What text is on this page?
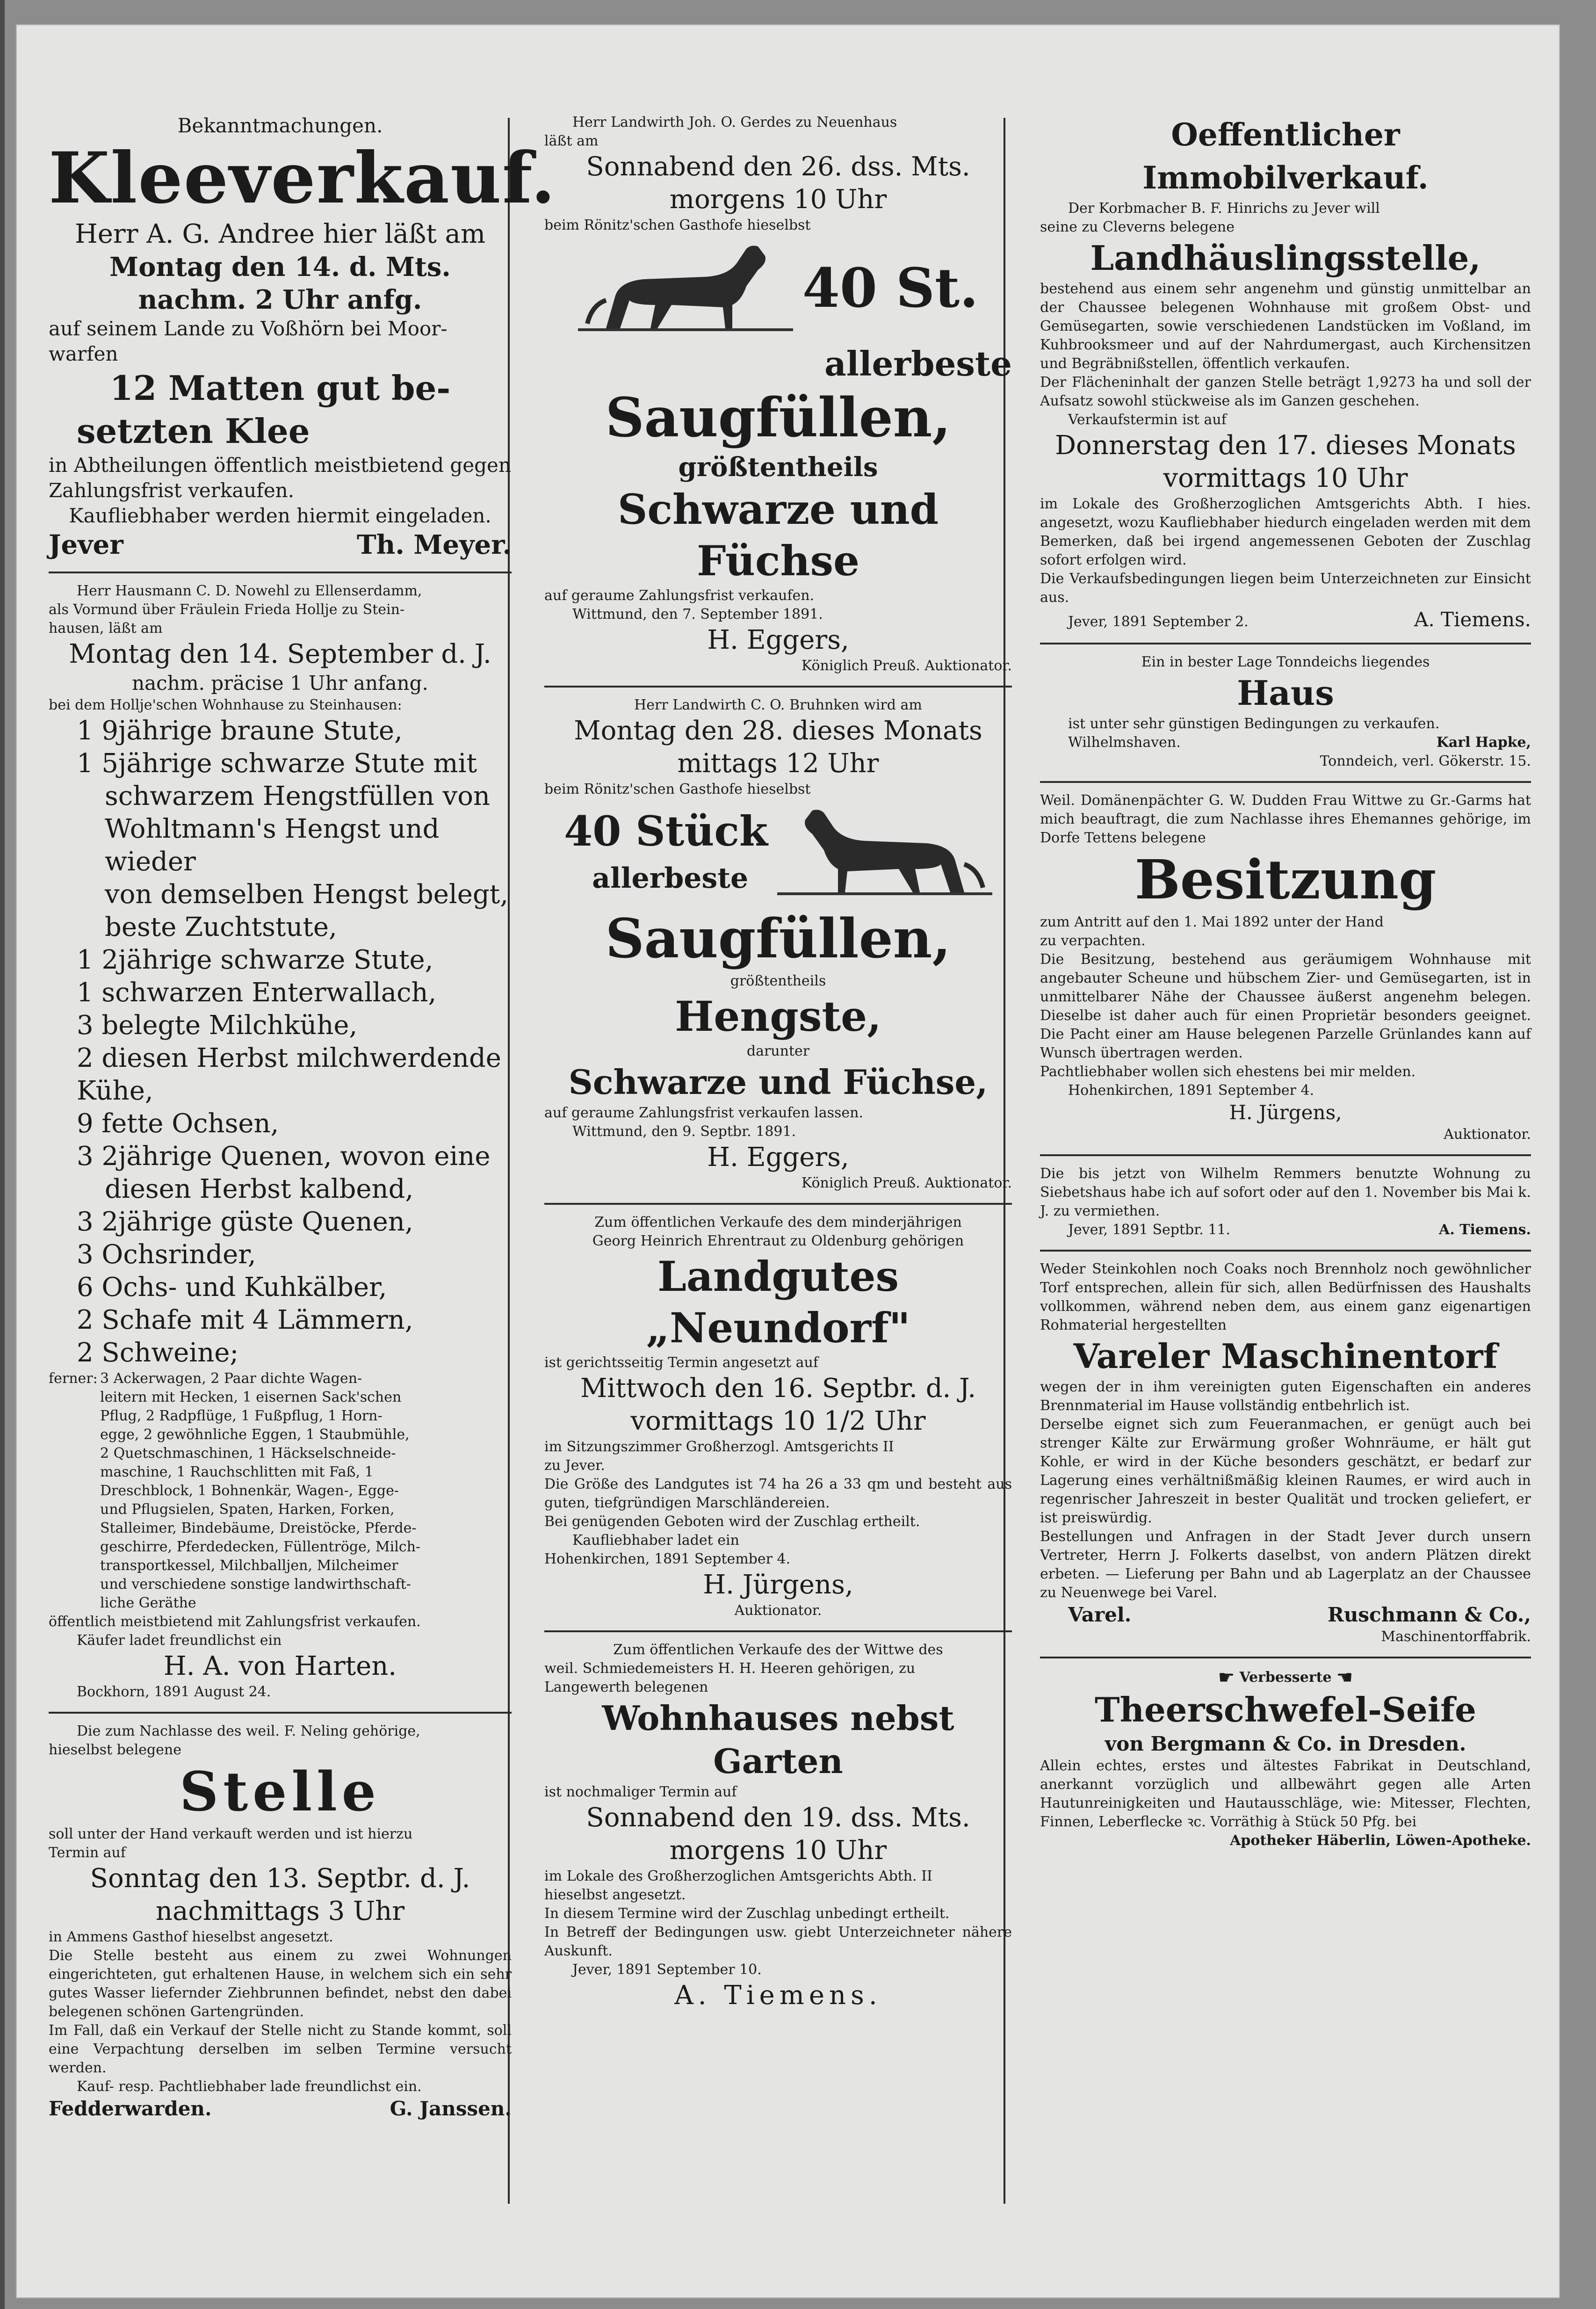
Bekanntmachungen.
Kleeverkauf.
Herr A. G. Andree hier läßt am
Montag den 14. d. Mts.
nachm. 2 Uhr anfg.
auf seinem Lande zu Voßhörn bei Moor-
warfen
12 Matten gut be-
setzten Klee
in Abtheilungen öffentlich meistbietend gegen
Zahlungsfrist verkaufen.
Kaufliebhaber werden hiermit eingeladen.
Jever	Th. Meyer.
Herr Hausmann C. D. Nowehl zu Ellenserdamm,
als Vormund über Fräulein Frieda Hollje zu Stein-
hausen, läßt am
Montag den 14. September d. J.
nachm. präcise 1 Uhr anfang.
bei dem Hollje'schen Wohnhause zu Steinhausen:
1 9jährige braune Stute,
1 5jährige schwarze Stute mit
schwarzem Hengstfüllen von
Wohltmann's Hengst und wieder
von demselben Hengst belegt,
beste Zuchtstute,
1 2jährige schwarze Stute,
1 schwarzen Enterwallach,
3 belegte Milchkühe,
2 diesen Herbst milchwerdende Kühe,
9 fette Ochsen,
3 2jährige Quenen, wovon eine
diesen Herbst kalbend,
3 2jährige güste Quenen,
3 Ochsrinder,
6 Ochs- und Kuhkälber,
2 Schafe mit 4 Lämmern,
2 Schweine;
ferner: 3 Ackerwagen, 2 Paar dichte Wagen-
leitern mit Hecken, 1 eisernen Sack'schen
Pflug, 2 Radpflüge, 1 Fußpflug, 1 Horn-
egge, 2 gewöhnliche Eggen, 1 Staubmühle,
2 Quetschmaschinen, 1 Häckselschneide-
maschine, 1 Rauchschlitten mit Faß, 1
Dreschblock, 1 Bohnenkär, Wagen-, Egge-
und Pflugsielen, Spaten, Harken, Forken,
Stalleimer, Bindebäume, Dreistöcke, Pferde-
geschirre, Pferdedecken, Füllentröge, Milch-
transportkessel, Milchballjen, Milcheimer
und verschiedene sonstige landwirthschaft-
liche Geräthe
öffentlich meistbietend mit Zahlungsfrist verkaufen.
Käufer ladet freundlichst ein
H. A. von Harten.
Bockhorn, 1891 August 24.
Die zum Nachlasse des weil. F. Neling gehörige,
hieselbst belegene
Stelle
soll unter der Hand verkauft werden und ist hierzu
Termin auf
Sonntag den 13. Septbr. d. J.
nachmittags 3 Uhr
in Ammens Gasthof hieselbst angesetzt.
Die Stelle besteht aus einem zu zwei Wohnungen eingerichteten, gut erhaltenen Hause, in welchem sich ein sehr gutes Wasser liefernder Ziehbrunnen befindet, nebst den dabei belegenen schönen Gartengründen.
Im Fall, daß ein Verkauf der Stelle nicht zu Stande kommt, soll eine Verpachtung derselben im selben Termine versucht werden.
Kauf- resp. Pachtliebhaber lade freundlichst ein.
Fedderwarden.	G. Janssen.
Herr Landwirth Joh. O. Gerdes zu Neuenhaus
läßt am
Sonnabend den 26. dss. Mts.
morgens 10 Uhr
beim Rönitz'schen Gasthofe hieselbst
40 St.
allerbeste
Saugfüllen,
größtentheils
Schwarze und Füchse
auf geraume Zahlungsfrist verkaufen.
Wittmund, den 7. September 1891.
H. Eggers,
Königlich Preuß. Auktionator.
Herr Landwirth C. O. Bruhnken wird am
Montag den 28. dieses Monats
mittags 12 Uhr
beim Rönitz'schen Gasthofe hieselbst
40 Stück
allerbeste
Saugfüllen,
größtentheils
Hengste,
darunter
Schwarze und Füchse,
auf geraume Zahlungsfrist verkaufen lassen.
Wittmund, den 9. Septbr. 1891.
H. Eggers,
Königlich Preuß. Auktionator.
Zum öffentlichen Verkaufe des dem minderjährigen
Georg Heinrich Ehrentraut zu Oldenburg gehörigen
Landgutes
„Neundorf"
ist gerichtsseitig Termin angesetzt auf
Mittwoch den 16. Septbr. d. J.
vormittags 10 1/2 Uhr
im Sitzungszimmer Großherzogl. Amtsgerichts II
zu Jever.
Die Größe des Landgutes ist 74 ha 26 a 33 qm und besteht aus guten, tiefgründigen Marschländereien.
Bei genügenden Geboten wird der Zuschlag ertheilt.
Kaufliebhaber ladet ein
Hohenkirchen, 1891 September 4.
H. Jürgens,
Auktionator.
Zum öffentlichen Verkaufe des der Wittwe des
weil. Schmiedemeisters H. H. Heeren gehörigen, zu
Langewerth belegenen
Wohnhauses nebst Garten
ist nochmaliger Termin auf
Sonnabend den 19. dss. Mts.
morgens 10 Uhr
im Lokale des Großherzoglichen Amtsgerichts Abth. II
hieselbst angesetzt.
In diesem Termine wird der Zuschlag unbedingt ertheilt.
In Betreff der Bedingungen usw. giebt Unterzeichneter nähere Auskunft.
Jever, 1891 September 10.
A. Tiemens.
Oeffentlicher Immobilverkauf.
Der Korbmacher B. F. Hinrichs zu Jever will
seine zu Cleverns belegene
Landhäuslingsstelle,
bestehend aus einem sehr angenehm und günstig unmittelbar an der Chaussee belegenen Wohnhause mit großem Obst- und Gemüsegarten, sowie verschiedenen Landstücken im Voßland, im Kuhbrooksmeer und auf der Nahrdumergast, auch Kirchensitzen und Begräbnißstellen, öffentlich verkaufen.
Der Flächeninhalt der ganzen Stelle beträgt 1,9273 ha und soll der Aufsatz sowohl stückweise als im Ganzen geschehen.
Verkaufstermin ist auf
Donnerstag den 17. dieses Monats
vormittags 10 Uhr
im Lokale des Großherzoglichen Amtsgerichts Abth. I hies. angesetzt, wozu Kaufliebhaber hiedurch eingeladen werden mit dem Bemerken, daß bei irgend angemessenen Geboten der Zuschlag sofort erfolgen wird.
Die Verkaufsbedingungen liegen beim Unterzeichneten zur Einsicht aus.
Jever, 1891 September 2.	A. Tiemens.
Ein in bester Lage Tonndeichs liegendes
Haus
ist unter sehr günstigen Bedingungen zu verkaufen.
Wilhelmshaven.	Karl Hapke,
Tonndeich, verl. Gökerstr. 15.
Weil. Domänenpächter G. W. Dudden Frau Wittwe zu Gr.-Garms hat mich beauftragt, die zum Nachlasse ihres Ehemannes gehörige, im Dorfe Tettens belegene
Besitzung
zum Antritt auf den 1. Mai 1892 unter der Hand
zu verpachten.
Die Besitzung, bestehend aus geräumigem Wohnhause mit angebauter Scheune und hübschem Zier- und Gemüsegarten, ist in unmittelbarer Nähe der Chaussee äußerst angenehm belegen. Dieselbe ist daher auch für einen Proprietär besonders geeignet. Die Pacht einer am Hause belegenen Parzelle Grünlandes kann auf Wunsch übertragen werden.
Pachtliebhaber wollen sich ehestens bei mir melden.
Hohenkirchen, 1891 September 4.
H. Jürgens,
Auktionator.
Die bis jetzt von Wilhelm Remmers benutzte Wohnung zu Siebetshaus habe ich auf sofort oder auf den 1. November bis Mai k. J. zu vermiethen.
Jever, 1891 Septbr. 11.	A. Tiemens.
Weder Steinkohlen noch Coaks noch Brennholz noch gewöhnlicher Torf entsprechen, allein für sich, allen Bedürfnissen des Haushalts vollkommen, während neben dem, aus einem ganz eigenartigen Rohmaterial hergestellten
Vareler Maschinentorf
wegen der in ihm vereinigten guten Eigenschaften ein anderes Brennmaterial im Hause vollständig entbehrlich ist.
Derselbe eignet sich zum Feueranmachen, er genügt auch bei strenger Kälte zur Erwärmung großer Wohnräume, er hält gut Kohle, er wird in der Küche besonders geschätzt, er bedarf zur Lagerung eines verhältnißmäßig kleinen Raumes, er wird auch in regenrischer Jahreszeit in bester Qualität und trocken geliefert, er ist preiswürdig.
Bestellungen und Anfragen in der Stadt Jever durch unsern Vertreter, Herrn J. Folkerts daselbst, von andern Plätzen direkt erbeten. — Lieferung per Bahn und ab Lagerplatz an der Chaussee zu Neuenwege bei Varel.
Varel.	Ruschmann & Co.,
Maschinentorffabrik.
☛ Verbesserte ☚
Theerschwefel-Seife
von Bergmann & Co. in Dresden.
Allein echtes, erstes und ältestes Fabrikat in Deutschland, anerkannt vorzüglich und allbewährt gegen alle Arten Hautunreinigkeiten und Hautausschläge, wie: Mitesser, Flechten, Finnen, Leberflecke ꝛc. Vorräthig à Stück 50 Pfg. bei
Apotheker Häberlin, Löwen-Apotheke.
